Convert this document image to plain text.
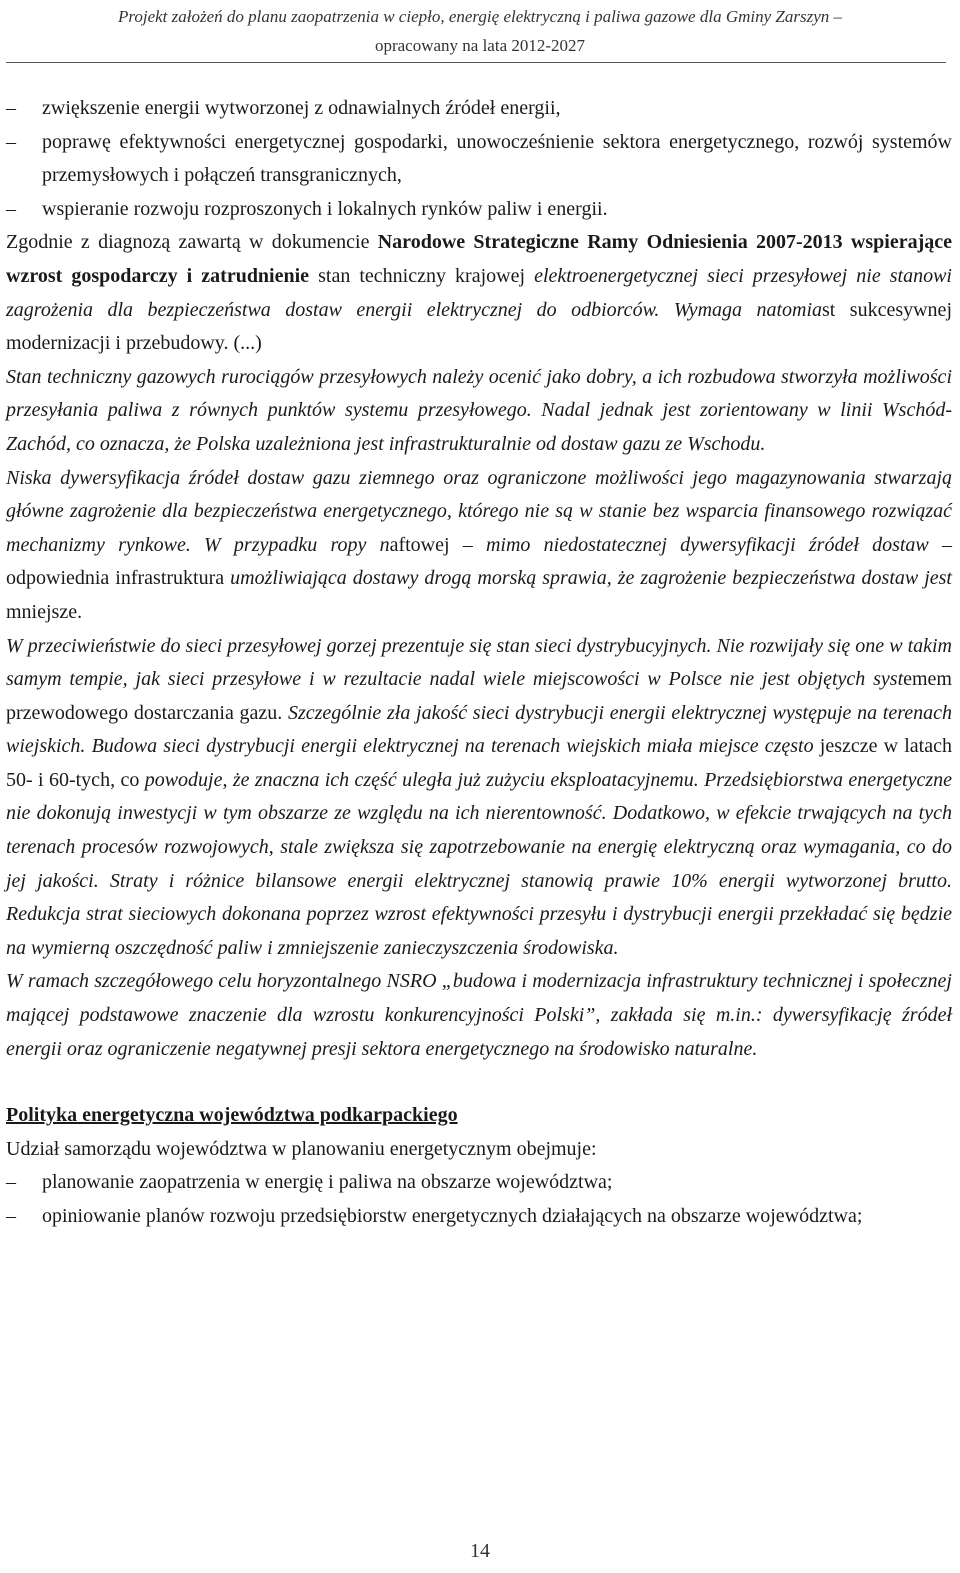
Projekt założeń do planu zaopatrzenia w ciepło, energię elektryczną i paliwa gazowe dla Gminy Zarszyn –
opracowany na lata 2012-2027
– zwiększenie energii wytworzonej z odnawialnych źródeł energii,
– poprawę efektywności energetycznej gospodarki, unowocześnienie sektora energetycznego, rozwój systemów przemysłowych i połączeń transgranicznych,
– wspieranie rozwoju rozproszonych i lokalnych rynków paliw i energii.

Zgodnie z diagnozą zawartą w dokumencie Narodowe Strategiczne Ramy Odniesienia 2007-2013 wspierające wzrost gospodarczy i zatrudnienie stan techniczny krajowej elektroenergetycznej sieci przesyłowej nie stanowi zagrożenia dla bezpieczeństwa dostaw energii elektrycznej do odbiorców. Wymaga natomiast sukcesywnej modernizacji i przebudowy. (...)

Stan techniczny gazowych rurociągów przesyłowych należy ocenić jako dobry, a ich rozbudowa stworzyła możliwości przesyłania paliwa z równych punktów systemu przesyłowego. Nadal jednak jest zorientowany w linii Wschód-Zachód, co oznacza, że Polska uzależniona jest infrastrukturalnie od dostaw gazu ze Wschodu.

Niska dywersyfikacja źródeł dostaw gazu ziemnego oraz ograniczone możliwości jego magazynowania stwarzają główne zagrożenie dla bezpieczeństwa energetycznego, którego nie są w stanie bez wsparcia finansowego rozwiązać mechanizmy rynkowe. W przypadku ropy naftowej – mimo niedostatecznej dywersyfikacji źródeł dostaw – odpowiednia infrastruktura umożliwiająca dostawy drogą morską sprawia, że zagrożenie bezpieczeństwa dostaw jest mniejsze.

W przeciwieństwie do sieci przesyłowej gorzej prezentuje się stan sieci dystrybucyjnych. Nie rozwijały się one w takim samym tempie, jak sieci przesyłowe i w rezultacie nadal wiele miejscowości w Polsce nie jest objętych systemem przewodowego dostarczania gazu. Szczególnie zła jakość sieci dystrybucji energii elektrycznej występuje na terenach wiejskich. Budowa sieci dystrybucji energii elektrycznej na terenach wiejskich miała miejsce często jeszcze w latach 50- i 60-tych, co powoduje, że znaczna ich część uległa już zużyciu eksploatacyjnemu. Przedsiębiorstwa energetyczne nie dokonują inwestycji w tym obszarze ze względu na ich nierentowność. Dodatkowo, w efekcie trwających na tych terenach procesów rozwojowych, stale zwiększa się zapotrzebowanie na energię elektryczną oraz wymagania, co do jej jakości. Straty i różnice bilansowe energii elektrycznej stanowią prawie 10% energii wytworzonej brutto. Redukcja strat sieciowych dokonana poprzez wzrost efektywności przesyłu i dystrybucji energii przekładać się będzie na wymierną oszczędność paliw i zmniejszenie zanieczyszczenia środowiska.

W ramach szczegółowego celu horyzontalnego NSRO „budowa i modernizacja infrastruktury technicznej i społecznej mającej podstawowe znaczenie dla wzrostu konkurencyjności Polski”, zakłada się m.in.: dywersyfikację źródeł energii oraz ograniczenie negatywnej presji sektora energetycznego na środowisko naturalne.

Polityka energetyczna województwa podkarpackiego

Udział samorządu województwa w planowaniu energetycznym obejmuje:

– planowanie zaopatrzenia w energię i paliwa na obszarze województwa;
– opiniowanie planów rozwoju przedsiębiorstw energetycznych działających na obszarze województwa;
14
